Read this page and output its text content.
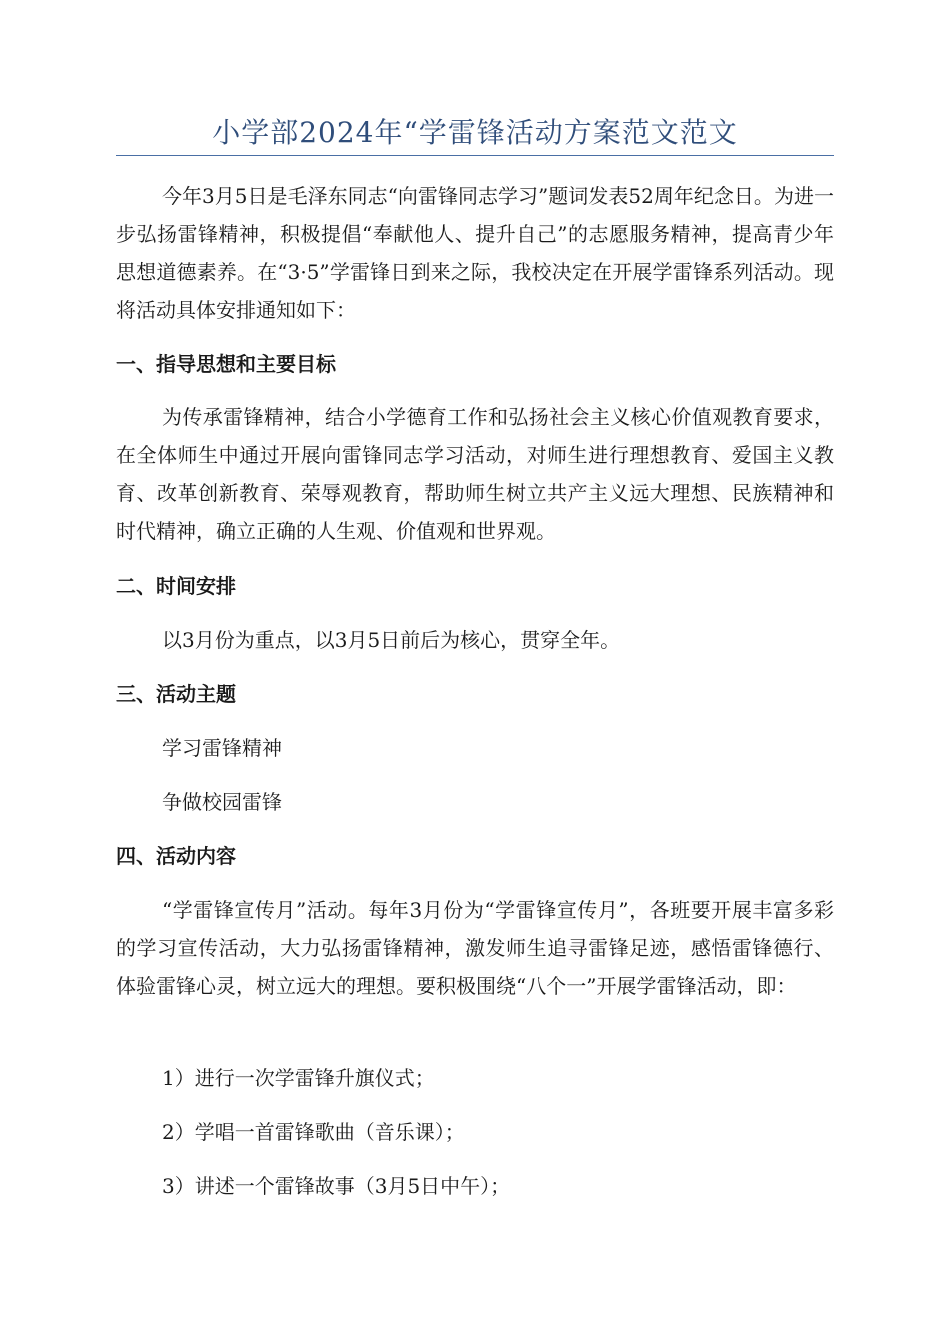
小学部2024年“学雷锋活动方案范文范文

今年3月5日是毛泽东同志“向雷锋同志学习”题词发表52周年纪念日。为进一步弘扬雷锋精神，积极提倡“奉献他人、提升自己”的志愿服务精神，提高青少年思想道德素养。在“3·5”学雷锋日到来之际，我校决定在开展学雷锋系列活动。现将活动具体安排通知如下：

一、指导思想和主要目标

为传承雷锋精神，结合小学德育工作和弘扬社会主义核心价值观教育要求，在全体师生中通过开展向雷锋同志学习活动，对师生进行理想教育、爱国主义教育、改革创新教育、荣辱观教育，帮助师生树立共产主义远大理想、民族精神和时代精神，确立正确的人生观、价值观和世界观。

二、时间安排

以3月份为重点，以3月5日前后为核心，贯穿全年。

三、活动主题

学习雷锋精神

争做校园雷锋

四、活动内容

“学雷锋宣传月”活动。每年3月份为“学雷锋宣传月”，各班要开展丰富多彩的学习宣传活动，大力弘扬雷锋精神，激发师生追寻雷锋足迹，感悟雷锋德行、体验雷锋心灵，树立远大的理想。要积极围绕“八个一”开展学雷锋活动，即：

1）进行一次学雷锋升旗仪式；

2）学唱一首雷锋歌曲（音乐课）；

3）讲述一个雷锋故事（3月5日中午）；
